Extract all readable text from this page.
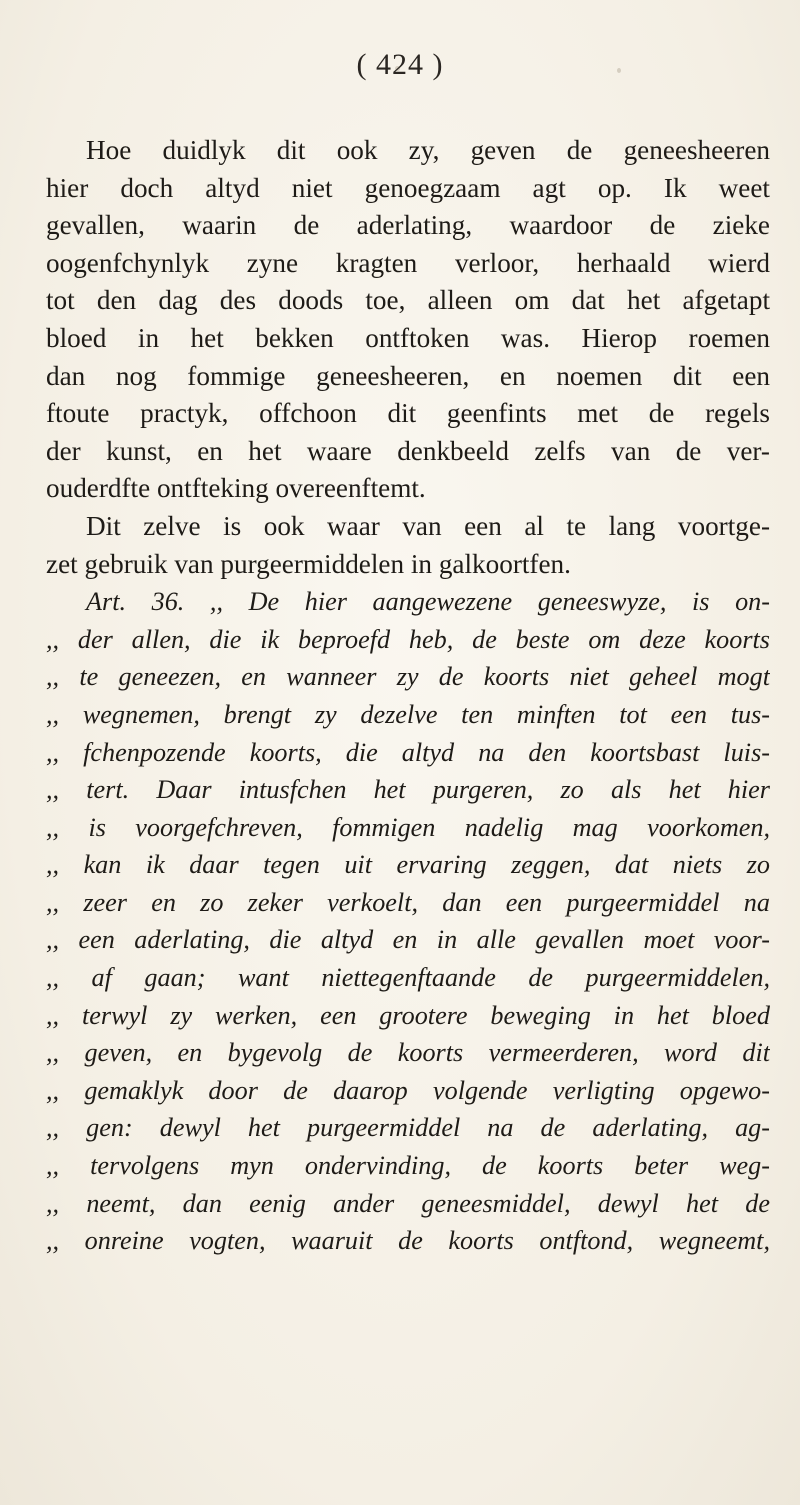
( 424 )
Hoe duidlyk dit ook zy, geven de geneesheeren
hier doch altyd niet genoegzaam agt op. Ik weet
gevallen, waarin de aderlating, waardoor de zieke
oogenfchynlyk zyne kragten verloor, herhaald wierd
tot den dag des doods toe, alleen om dat het afgetapt
bloed in het bekken ontftoken was. Hierop roemen
dan nog fommige geneesheeren, en noemen dit een
ftoute practyk, offchoon dit geenfints met de regels
der kunst, en het waare denkbeeld zelfs van de ver-
ouderdfte ontfteking overeenftemt.
Dit zelve is ook waar van een al te lang voortge-
zet gebruik van purgeermiddelen in galkoortfen.
Art. 36. ,, De hier aangewezene geneeswyze, is on-
,, der allen, die ik beproefd heb, de beste om deze koorts
,, te geneezen, en wanneer zy de koorts niet geheel mogt
,, wegnemen, brengt zy dezelve ten minften tot een tus-
,, fchenpozende koorts, die altyd na den koortsbast luis-
,, tert. Daar intusfchen het purgeren, zo als het hier
,, is voorgefchreven, fommigen nadelig mag voorkomen,
,, kan ik daar tegen uit ervaring zeggen, dat niets zo
,, zeer en zo zeker verkoelt, dan een purgeermiddel na
,, een aderlating, die altyd en in alle gevallen moet voor-
,, af gaan; want niettegenftaande de purgeermiddelen,
,, terwyl zy werken, een grootere beweging in het bloed
,, geven, en bygevolg de koorts vermeerderen, word dit
,, gemaklyk door de daarop volgende verligting opgewo-
,, gen: dewyl het purgeermiddel na de aderlating, ag-
,, tervolgens myn ondervinding, de koorts beter weg-
,, neemt, dan eenig ander geneesmiddel, dewyl het de
,, onreine vogten, waaruit de koorts ontftond, wegneemt,
